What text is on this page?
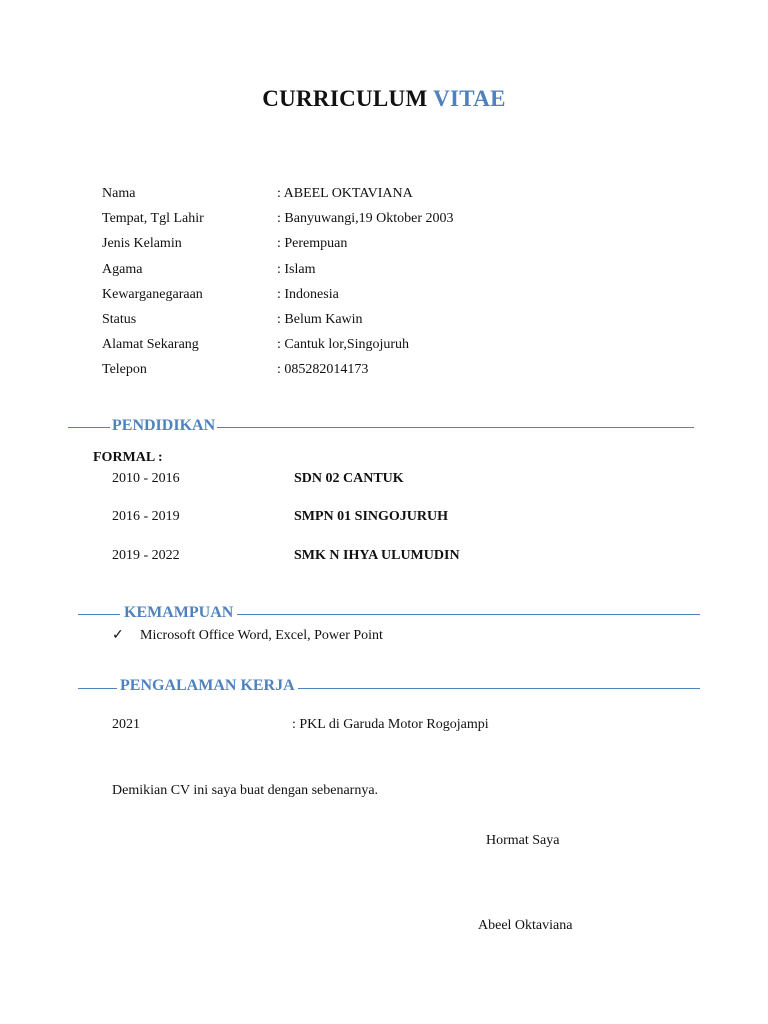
CURRICULUM VITAE
Nama	: ABEEL OKTAVIANA
Tempat, Tgl Lahir	: Banyuwangi,19 Oktober 2003
Jenis Kelamin	: Perempuan
Agama	: Islam
Kewarganegaraan	: Indonesia
Status	: Belum Kawin
Alamat Sekarang	: Cantuk lor,Singojuruh
Telepon	: 085282014173
PENDIDIKAN
FORMAL :
2010 - 2016	SDN 02 CANTUK
2016 - 2019	SMPN 01 SINGOJURUH
2019 - 2022	SMK N IHYA ULUMUDIN
KEMAMPUAN
✓ Microsoft Office Word, Excel, Power Point
PENGALAMAN KERJA
2021	: PKL di Garuda Motor Rogojampi
Demikian CV ini saya buat dengan sebenarnya.
Hormat Saya
Abeel Oktaviana
